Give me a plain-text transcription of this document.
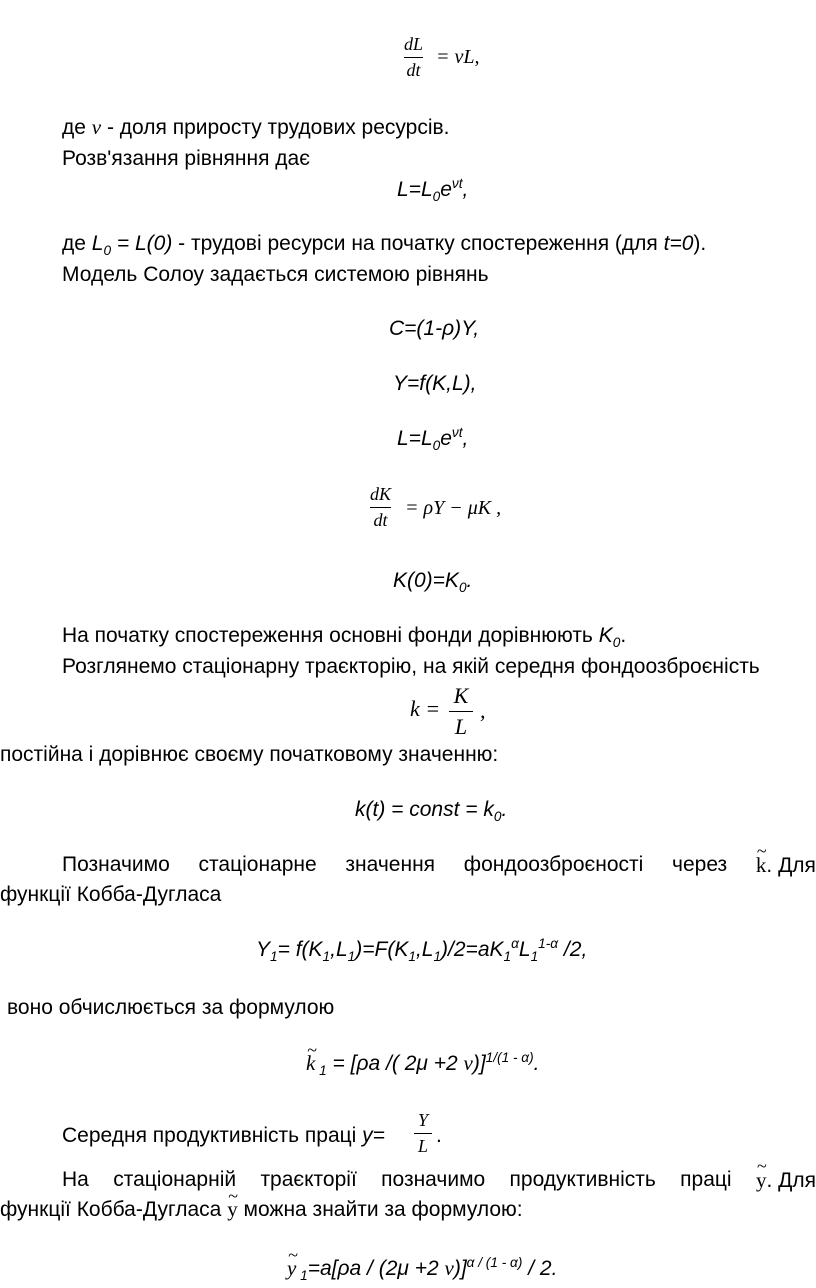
dL
dt
= νL,
де ν - доля приросту трудових ресурсів.
Розв'язання рівняння дає
$L=L_0e^{\nu t}$,
де $L_0 = L(0)$ - трудові ресурси на початку спостереження (для t=0).
Модель Солоу задається системою рівнянь
C=(1-ρ)Y,
Y=f(K,L),
$L=L_0e^{\nu t}$,
dK
dt
= ρY − μK ,
$K(0)=K_0$.
На початку спостереження основні фонди дорівнюють $K_0$.
Розглянемо стаціонарну траєкторію, на якій середня фондоозброєність
k =
K
L
,
постійна і дорівнює своєму початковому значенню:
k(t) = const = $k_0$.
Позначимо стаціонарне значення фондоозброєності через ~ k. Для
функції Кобба-Дугласа
$Y_1= f(K_1,L_1)=F(K_1,L_1)/2=aK_1^\alpha L_1^{1-\alpha}$ /2,
воно обчислюється за формулою
~ k $_1$ = [ρa /( 2μ +2 ν)]$^{1/(1 - \alpha)}$.
Середня продуктивність праці y=
Y
L .
На стаціонарній траєкторії позначимо продуктивність праці ~ y. Для
функції Кобба-Дугласа ~ y можна знайти за формулою:
~ y $_1$=a[ρa / (2μ +2 ν)]$^{\alpha / (1 - \alpha)}$ / 2.
